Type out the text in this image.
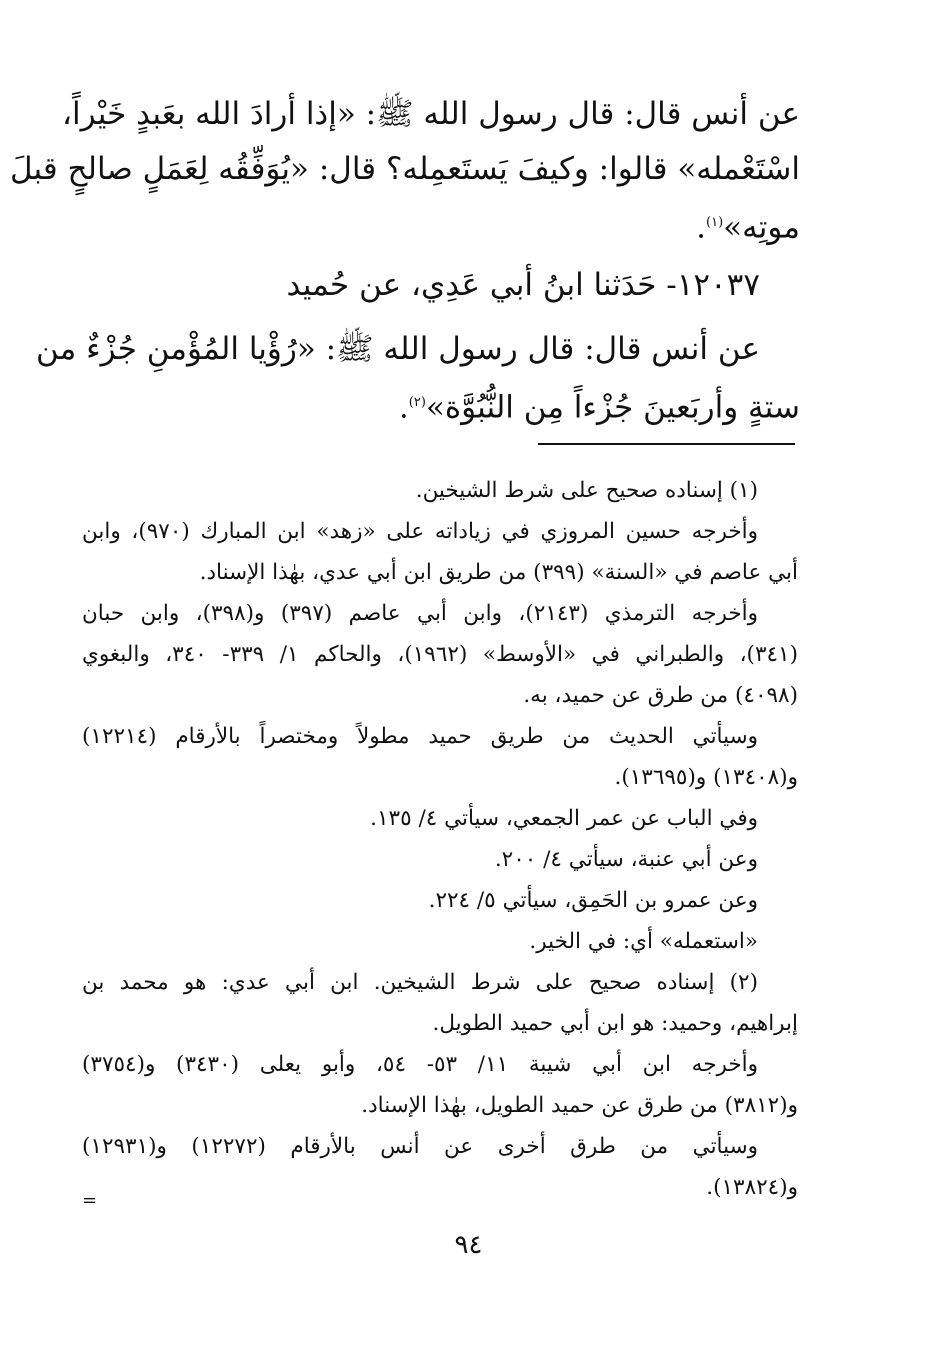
عن أنس قال: قال رسول الله ﷺ: «إذا أرادَ الله بعَبدٍ خَيْراً،

اسْتَعْمله» قالوا: وكيفَ يَستَعمِله؟ قال: «يُوَفِّقُه لِعَمَلٍ صالحٍ قبلَ

موتِه»$^{(١)}$.

١٢٠٣٧- حَدَثنا ابنُ أبي عَدِي، عن حُميد

عن أنس قال: قال رسول الله ﷺ: «رُؤْيا المُؤْمنِ جُزْءٌ من

ستةٍ وأربَعينَ جُزْءاً مِن النُّبُوَّة»$^{(٢)}$.

(١) إسناده صحيح على شرط الشيخين.

وأخرجه حسين المروزي في زياداته على «زهد» ابن المبارك (٩٧٠)، وابن

أبي عاصم في «السنة» (٣٩٩) من طريق ابن أبي عدي، بهٰذا الإسناد.

وأخرجه الترمذي (٢١٤٣)، وابن أبي عاصم (٣٩٧) و(٣٩٨)، وابن حبان

(٣٤١)، والطبراني في «الأوسط» (١٩٦٢)، والحاكم ١/ ٣٣٩- ٣٤٠، والبغوي

(٤٠٩٨) من طرق عن حميد، به.

وسيأتي الحديث من طريق حميد مطولاً ومختصراً بالأرقام (١٢٢١٤)

و(١٣٤٠٨) و(١٣٦٩٥).

وفي الباب عن عمر الجمعي، سيأتي ٤/ ١٣٥.

وعن أبي عنبة، سيأتي ٤/ ٢٠٠.

وعن عمرو بن الحَمِق، سيأتي ٥/ ٢٢٤.

«استعمله» أي: في الخير.

(٢) إسناده صحيح على شرط الشيخين. ابن أبي عدي: هو محمد بن

إبراهيم، وحميد: هو ابن أبي حميد الطويل.

وأخرجه ابن أبي شيبة ١١/ ٥٣- ٥٤، وأبو يعلى (٣٤٣٠) و(٣٧٥٤)

و(٣٨١٢) من طرق عن حميد الطويل، بهٰذا الإسناد.

وسيأتي من طرق أخرى عن أنس بالأرقام (١٢٢٧٢) و(١٢٩٣١)

و(١٣٨٢٤).

=
٩٤
